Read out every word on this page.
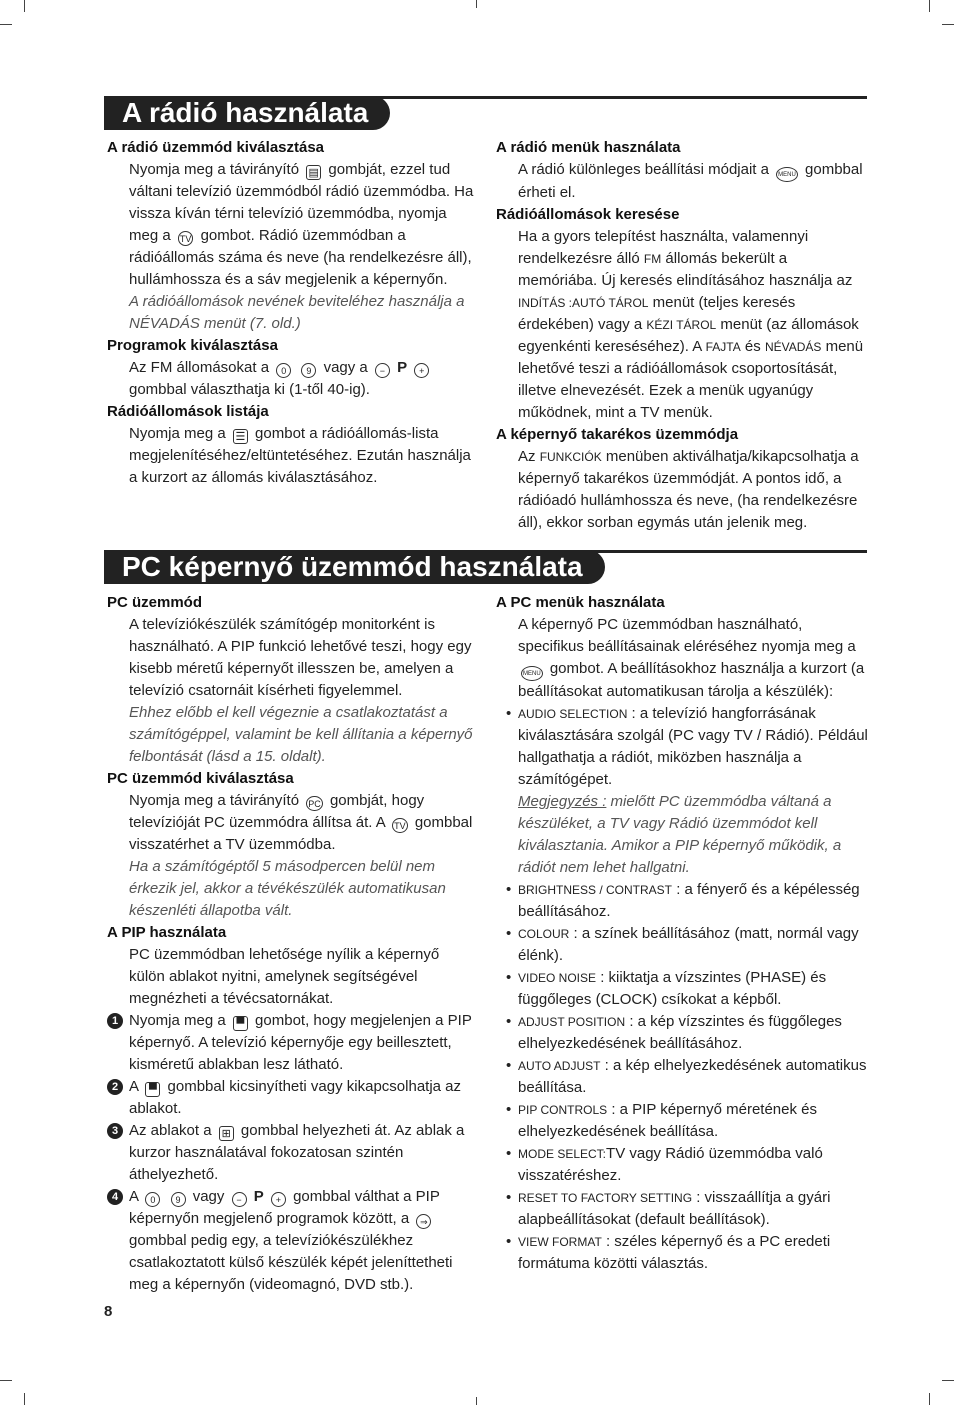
A rádió használata

A rádió üzemmód kiválasztása

Nyomja meg a távirányító ▤ gombját, ezzel tud váltani televízió üzemmódból rádió üzemmódba. Ha vissza kíván térni televízió üzemmódba, nyomja meg a TV gombot. Rádió üzemmódban a rádióállomás száma és neve (ha rendelkezésre áll), hullámhossza és a sáv megjelenik a képernyőn.

A rádióállomások nevének beviteléhez használja a NÉVADÁS menüt (7. old.)

Programok kiválasztása

Az FM állomásokat a 0 9 vagy a − P + gombbal választhatja ki (1-től 40-ig).

Rádióállomások listája

Nyomja meg a ☰ gombot a rádióállomás-lista megjelenítéséhez/eltüntetéséhez. Ezután használja a kurzort az állomás kiválasztásához.

A rádió menük használata

A rádió különleges beállítási módjait a MENU gombbal érheti el.

Rádióállomások keresése

Ha a gyors telepítést használta, valamennyi rendelkezésre álló FM állomás bekerült a memóriába. Új keresés elindításához használja az INDÍTÁS :AUTÓ TÁROL menüt (teljes keresés érdekében) vagy a KÉZI TÁROL menüt (az állomások egyenkénti kereséséhez). A FAJTA és NÉVADÁS menü lehetővé teszi a rádióállomások csoportosítását, illetve elnevezését. Ezek a menük ugyanúgy működnek, mint a TV menük.

A képernyő takarékos üzemmódja

Az FUNKCIÓK menüben aktiválhatja/kikapcsolhatja a képernyő takarékos üzemmódját. A pontos idő, a rádióadó hullámhossza és neve, (ha rendelkezésre áll), ekkor sorban egymás után jelenik meg.

PC képernyő üzemmód használata

PC üzemmód

A televíziókészülék számítógép monitorként is használható. A PIP funkció lehetővé teszi, hogy egy kisebb méretű képernyőt illesszen be, amelyen a televízió csatornáit kísérheti figyelemmel.

Ehhez előbb el kell végeznie a csatlakoztatást a számítógéppel, valamint be kell állítania a képernyő felbontását (lásd a 15. oldalt).

PC üzemmód kiválasztása

Nyomja meg a távirányító PC gombját, hogy televízióját PC üzemmódra állítsa át. A TV gombbal visszatérhet a TV üzemmódba.

Ha a számítógéptől 5 másodpercen belül nem érkezik jel, akkor a tévékészülék automatikusan készenléti állapotba vált.

A PIP használata

PC üzemmódban lehetősége nyílik a képernyő külön ablakot nyitni, amelynek segítségével megnézheti a tévécsatornákat.

1 Nyomja meg a ▀ gombot, hogy megjelenjen a PIP képernyő. A televízió képernyője egy beillesztett, kisméretű ablakban lesz látható.

2 A ▀ gombbal kicsinyítheti vagy kikapcsolhatja az ablakot.

3 Az ablakot a ⊞ gombbal helyezheti át. Az ablak a kurzor használatával fokozatosan szintén áthelyezhető.

4 A 0 9 vagy − P + gombbal válthat a PIP képernyőn megjelenő programok között, a ⇒ gombbal pedig egy, a televíziókészülékhez csatlakoztatott külső készülék képét jeleníttetheti meg a képernyőn (videomagnó, DVD stb.).

A PC menük használata

A képernyő PC üzemmódban használható, specifikus beállításainak eléréséhez nyomja meg a MENU gombot. A beállításokhoz használja a kurzort (a beállításokat automatikusan tárolja a készülék):

• AUDIO SELECTION : a televízió hangforrásának kiválasztására szolgál (PC vagy TV / Rádió). Például hallgathatja a rádiót, miközben használja a számítógépet.

Megjegyzés : mielőtt PC üzemmódba váltaná a készüléket, a TV vagy Rádió üzemmódot kell kiválasztania. Amikor a PIP képernyő működik, a rádiót nem lehet hallgatni.

• BRIGHTNESS / CONTRAST : a fényerő és a képélesség beállításához.

• COLOUR : a színek beállításához (matt, normál vagy élénk).

• VIDEO NOISE : kiiktatja a vízszintes (PHASE) és függőleges (CLOCK) csíkokat a képből.

• ADJUST POSITION : a kép vízszintes és függőleges elhelyezkedésének beállításához.

• AUTO ADJUST : a kép elhelyezkedésének automatikus beállítása.

• PIP CONTROLS : a PIP képernyő méretének és elhelyezkedésének beállítása.

• MODE SELECT:TV vagy Rádió üzemmódba való visszatéréshez.

• RESET TO FACTORY SETTING : visszaállítja a gyári alapbeállításokat (default beállítások).

• VIEW FORMAT : széles képernyő és a PC eredeti formátuma közötti választás.

8
